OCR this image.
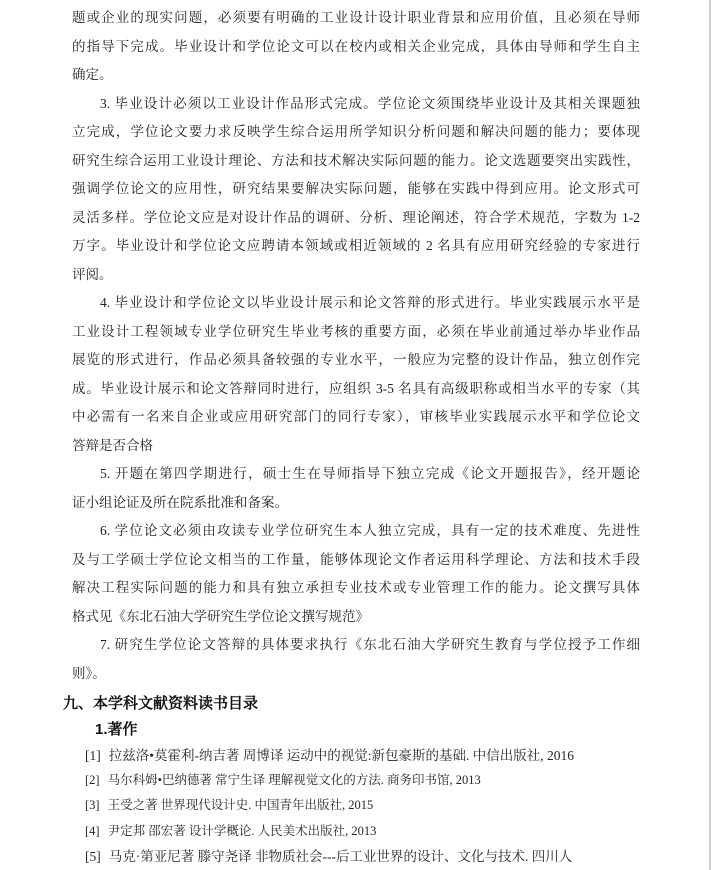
题或企业的现实问题，必须要有明确的工业设计设计职业背景和应用价值，且必须在导师
的指导下完成。毕业设计和学位论文可以在校内或相关企业完成，具体由导师和学生自主
确定。
3. 毕业设计必须以工业设计作品形式完成。学位论文须围绕毕业设计及其相关课题独
立完成，学位论文要力求反映学生综合运用所学知识分析问题和解决问题的能力；要体现
研究生综合运用工业设计理论、方法和技术解决实际问题的能力。论文选题要突出实践性，
强调学位论文的应用性，研究结果要解决实际问题，能够在实践中得到应用。论文形式可
灵活多样。学位论文应是对设计作品的调研、分析、理论阐述，符合学术规范，字数为 1-2
万字。毕业设计和学位论文应聘请本领域或相近领域的 2 名具有应用研究经验的专家进行
评阅。
4. 毕业设计和学位论文以毕业设计展示和论文答辩的形式进行。毕业实践展示水平是
工业设计工程领域专业学位研究生毕业考核的重要方面，必须在毕业前通过举办毕业作品
展览的形式进行，作品必须具备较强的专业水平，一般应为完整的设计作品，独立创作完
成。毕业设计展示和论文答辩同时进行，应组织 3-5 名具有高级职称或相当水平的专家（其
中必需有一名来自企业或应用研究部门的同行专家），审核毕业实践展示水平和学位论文
答辩是否合格
5. 开题在第四学期进行，硕士生在导师指导下独立完成《论文开题报告》，经开题论
证小组论证及所在院系批准和备案。
6. 学位论文必须由攻读专业学位研究生本人独立完成，具有一定的技术难度、先进性
及与工学硕士学位论文相当的工作量，能够体现论文作者运用科学理论、方法和技术手段
解决工程实际问题的能力和具有独立承担专业技术或专业管理工作的能力。论文撰写具体
格式见《东北石油大学研究生学位论文撰写规范》
7. 研究生学位论文答辩的具体要求执行《东北石油大学研究生教育与学位授予工作细
则》。
九、本学科文献资料读书目录
1.著作
[1] 拉兹洛•莫霍利-纳吉著 周博译 运动中的视觉:新包豪斯的基础. 中信出版社, 2016
[2] 马尔科姆•巴纳德著 常宁生译 理解视觉文化的方法. 商务印书馆, 2013
[3] 王受之著 世界现代设计史. 中国青年出版社, 2015
[4] 尹定邦 邵宏著 设计学概论. 人民美术出版社, 2013
[5] 马克·第亚尼著 滕守尧译 非物质社会---后工业世界的设计、文化与技术. 四川人
